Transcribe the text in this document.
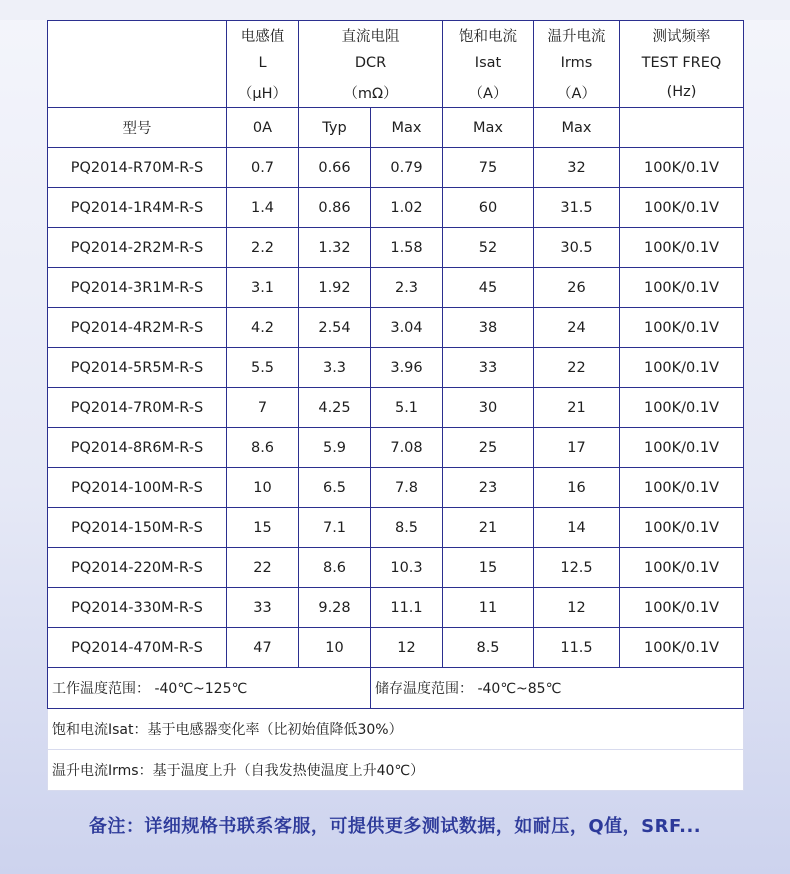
	电感值	直流电阻		饱和电流	温升电流	测试频率
	L	DCR		Isat	Irms	TEST FREQ
	（μH）	（mΩ）		（A）	（A）	(Hz)
型号	0A	Typ	Max	Max	Max	
PQ2014-R70M-R-S	0.7	0.66	0.79	75	32	100K/0.1V
PQ2014-1R4M-R-S	1.4	0.86	1.02	60	31.5	100K/0.1V
PQ2014-2R2M-R-S	2.2	1.32	1.58	52	30.5	100K/0.1V
PQ2014-3R1M-R-S	3.1	1.92	2.3	45	26	100K/0.1V
PQ2014-4R2M-R-S	4.2	2.54	3.04	38	24	100K/0.1V
PQ2014-5R5M-R-S	5.5	3.3	3.96	33	22	100K/0.1V
PQ2014-7R0M-R-S	7	4.25	5.1	30	21	100K/0.1V
PQ2014-8R6M-R-S	8.6	5.9	7.08	25	17	100K/0.1V
PQ2014-100M-R-S	10	6.5	7.8	23	16	100K/0.1V
PQ2014-150M-R-S	15	7.1	8.5	21	14	100K/0.1V
PQ2014-220M-R-S	22	8.6	10.3	15	12.5	100K/0.1V
PQ2014-330M-R-S	33	9.28	11.1	11	12	100K/0.1V
PQ2014-470M-R-S	47	10	12	8.5	11.5	100K/0.1V
工作温度范围： -40℃~125℃			储存温度范围： -40℃~85℃			
饱和电流Isat：基于电感器变化率（比初始值降低30%）						
温升电流Irms：基于温度上升（自我发热使温度上升40℃）						
备注：详细规格书联系客服，可提供更多测试数据，如耐压，Q值，SRF...
